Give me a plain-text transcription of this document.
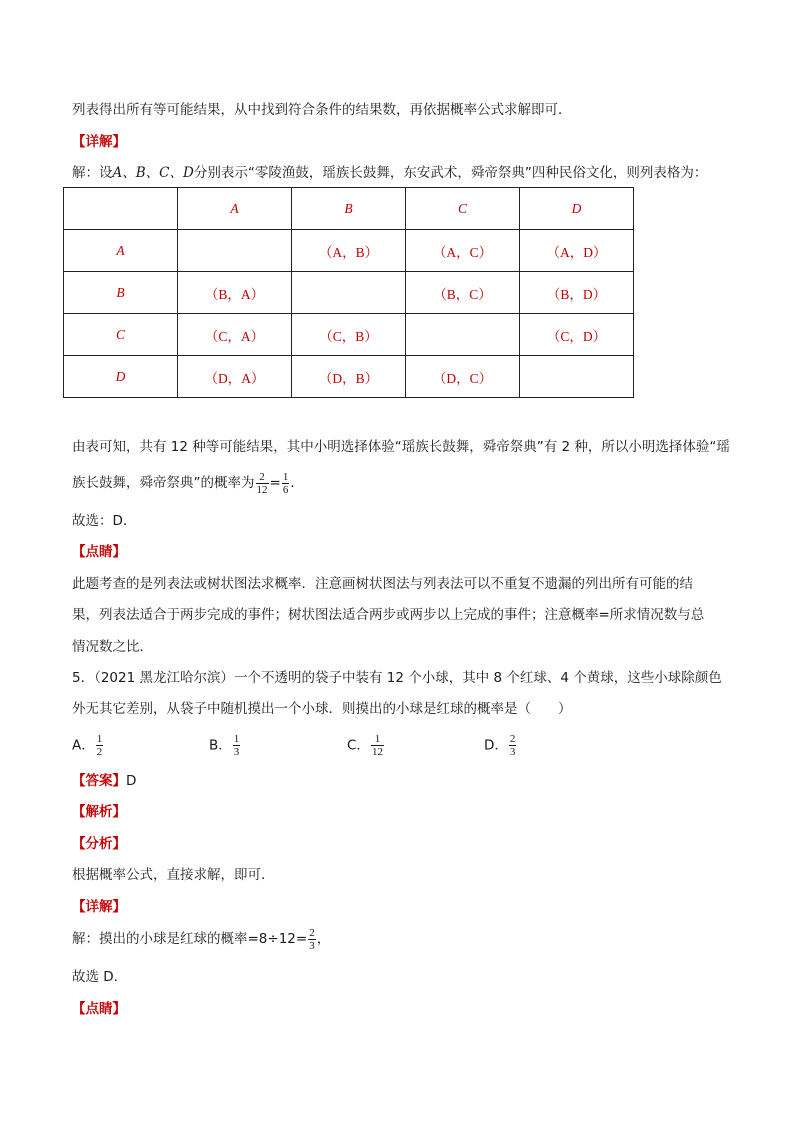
列表得出所有等可能结果，从中找到符合条件的结果数，再依据概率公式求解即可．
【详解】
解：设A、B、C、D分别表示“零陵渔鼓，瑶族长鼓舞，东安武术，舜帝祭典”四种民俗文化，则列表格为：
	A	B	C	D
A		（A，B）	（A，C）	（A，D）
B	（B，A）		（B，C）	（B，D）
C	（C，A）	（C，B）		（C，D）
D	（D，A）	（D，B）	（D，C）	
由表可知，共有 12 种等可能结果，其中小明选择体验“瑶族长鼓舞，舜帝祭典”有 2 种，所以小明选择体验“瑶
族长鼓舞，舜帝祭典”的概率为 $\frac{2}{12} = \frac{1}{6}$ ．
故选：D．
【点睛】
此题考查的是列表法或树状图法求概率．注意画树状图法与列表法可以不重复不遗漏的列出所有可能的结
果，列表法适合于两步完成的事件；树状图法适合两步或两步以上完成的事件；注意概率=所求情况数与总
情况数之比．
5．（2021 黑龙江哈尔滨）一个不透明的袋子中装有 12 个小球，其中 8 个红球、4 个黄球，这些小球除颜色
外无其它差别，从袋子中随机摸出一个小球．则摸出的小球是红球的概率是（　　）
A． $\frac{1}{2}$	B． $\frac{1}{3}$	C． $\frac{1}{12}$	D． $\frac{2}{3}$
【答案】D
【解析】
【分析】
根据概率公式，直接求解，即可．
【详解】
解：摸出的小球是红球的概率$=8\div 12= \frac{2}{3}$ ，
故选 D．
【点睛】
